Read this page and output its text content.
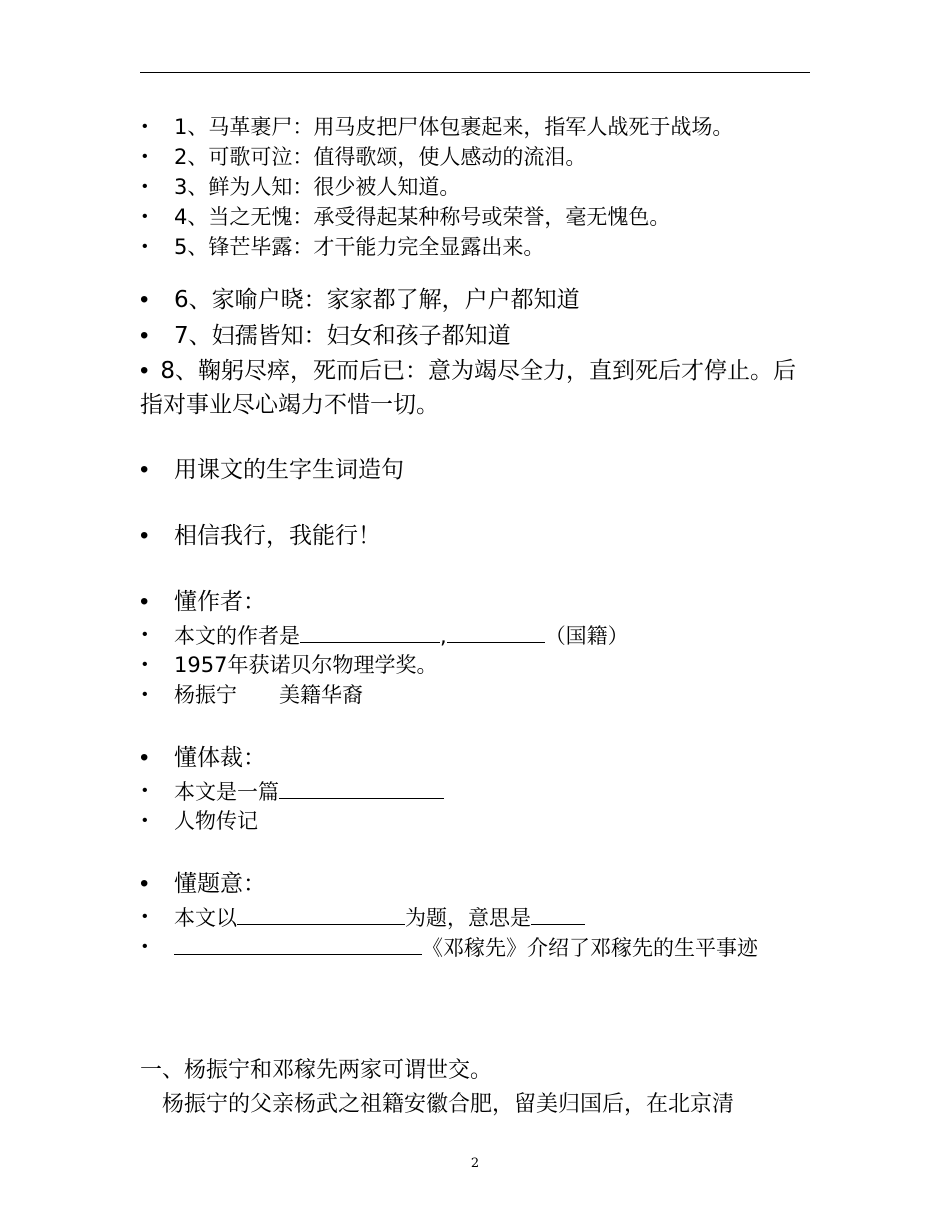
• 1、马革裹尸：用马皮把尸体包裹起来，指军人战死于战场。
• 2、可歌可泣：值得歌颂，使人感动的流泪。
• 3、鲜为人知：很少被人知道。
• 4、当之无愧：承受得起某种称号或荣誉，毫无愧色。
• 5、锋芒毕露：才干能力完全显露出来。
• 6、家喻户晓：家家都了解，户户都知道
• 7、妇孺皆知：妇女和孩子都知道
• 8、鞠躬尽瘁，死而后已：意为竭尽全力，直到死后才停止。后指对事业尽心竭力不惜一切。
• 用课文的生字生词造句
• 相信我行，我能行！
• 懂作者：
• 本文的作者是	,	（国籍）
• 1957年获诺贝尔物理学奖。
• 杨振宁　　美籍华裔
• 懂体裁：
• 本文是一篇
• 人物传记
• 懂题意：
• 本文以	为题，意思是
•	《邓稼先》介绍了邓稼先的生平事迹
一、杨振宁和邓稼先两家可谓世交。
杨振宁的父亲杨武之祖籍安徽合肥，留美归国后，在北京清
2
